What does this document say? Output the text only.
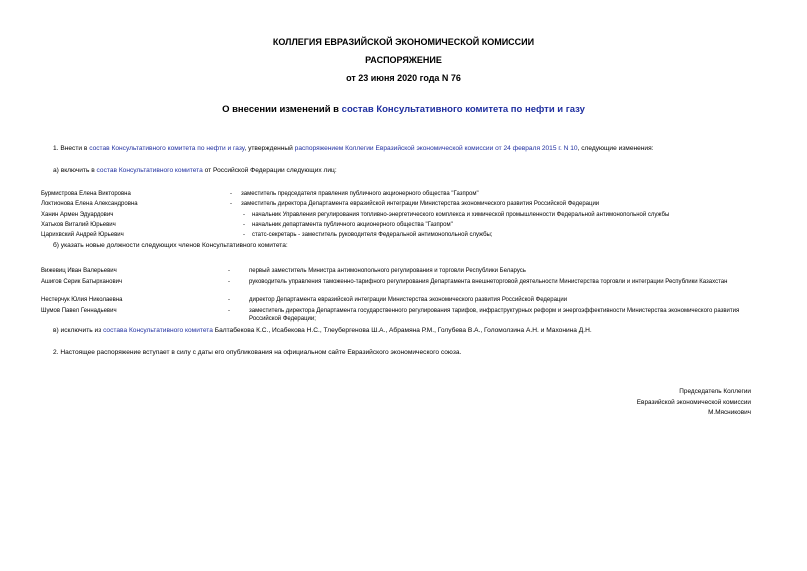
КОЛЛЕГИЯ ЕВРАЗИЙСКОЙ ЭКОНОМИЧЕСКОЙ КОМИССИИ
РАСПОРЯЖЕНИЕ
от 23 июня 2020 года N 76
О внесении изменений в состав Консультативного комитета по нефти и газу
1. Внести в состав Консультативного комитета по нефти и газу, утвержденный распоряжением Коллегии Евразийской экономической комиссии от 24 февраля 2015 г. N 10, следующие изменения:
а) включить в состав Консультативного комитета от Российской Федерации следующих лиц:
Бурмистрова Елена Викторовна	- заместитель председателя правления публичного акционерного общества "Газпром"
Локтионова Елена Александровна	- заместитель директора Департамента евразийской интеграции Министерства экономического развития Российской Федерации
Ханин Армен Эдуардович	- начальник Управления регулирования топливно-энергетического комплекса и химической промышленности Федеральной антимонопольной службы
Хатьков Виталий Юрьевич	- начальник департамента публичного акционерного общества "Газпром"
Царихвский Андрей Юрьевич	- статс-секретарь - заместитель руководителя Федеральной антимонопольной службы;
б) указать новые должности следующих членов Консультативного комитета:
Вижевиц Иван Валерьевич	-	первый заместитель Министра антимонопольного регулирования и торговли Республики Беларусь
Ашигов Серик Батырханович	-	руководитель управления таможенно-тарифного регулирования Департамента внешнеторговой деятельности Министерства торговли и интеграции Республики Казахстан
Нестерчук Юлия Николаевна	-	директор Департамента евразийской интеграции Министерства экономического развития Российской Федерации
Шумов Павел Геннадьевич	-	заместитель директора Департамента государственного регулирования тарифов, инфраструктурных реформ и энергоэффективности Министерства экономического развития Российской Федерации;
в) исключить из состава Консультативного комитета Балтабекова К.С., Исабекова Н.С., Тлеубергенова Ш.А., Абрамяна Р.М., Голубева В.А., Голомолзина А.Н. и Махонина Д.Н.
2. Настоящее распоряжение вступает в силу с даты его опубликования на официальном сайте Евразийского экономического союза.
Председатель Коллегии
Евразийской экономической комиссии
М.Мясникович
